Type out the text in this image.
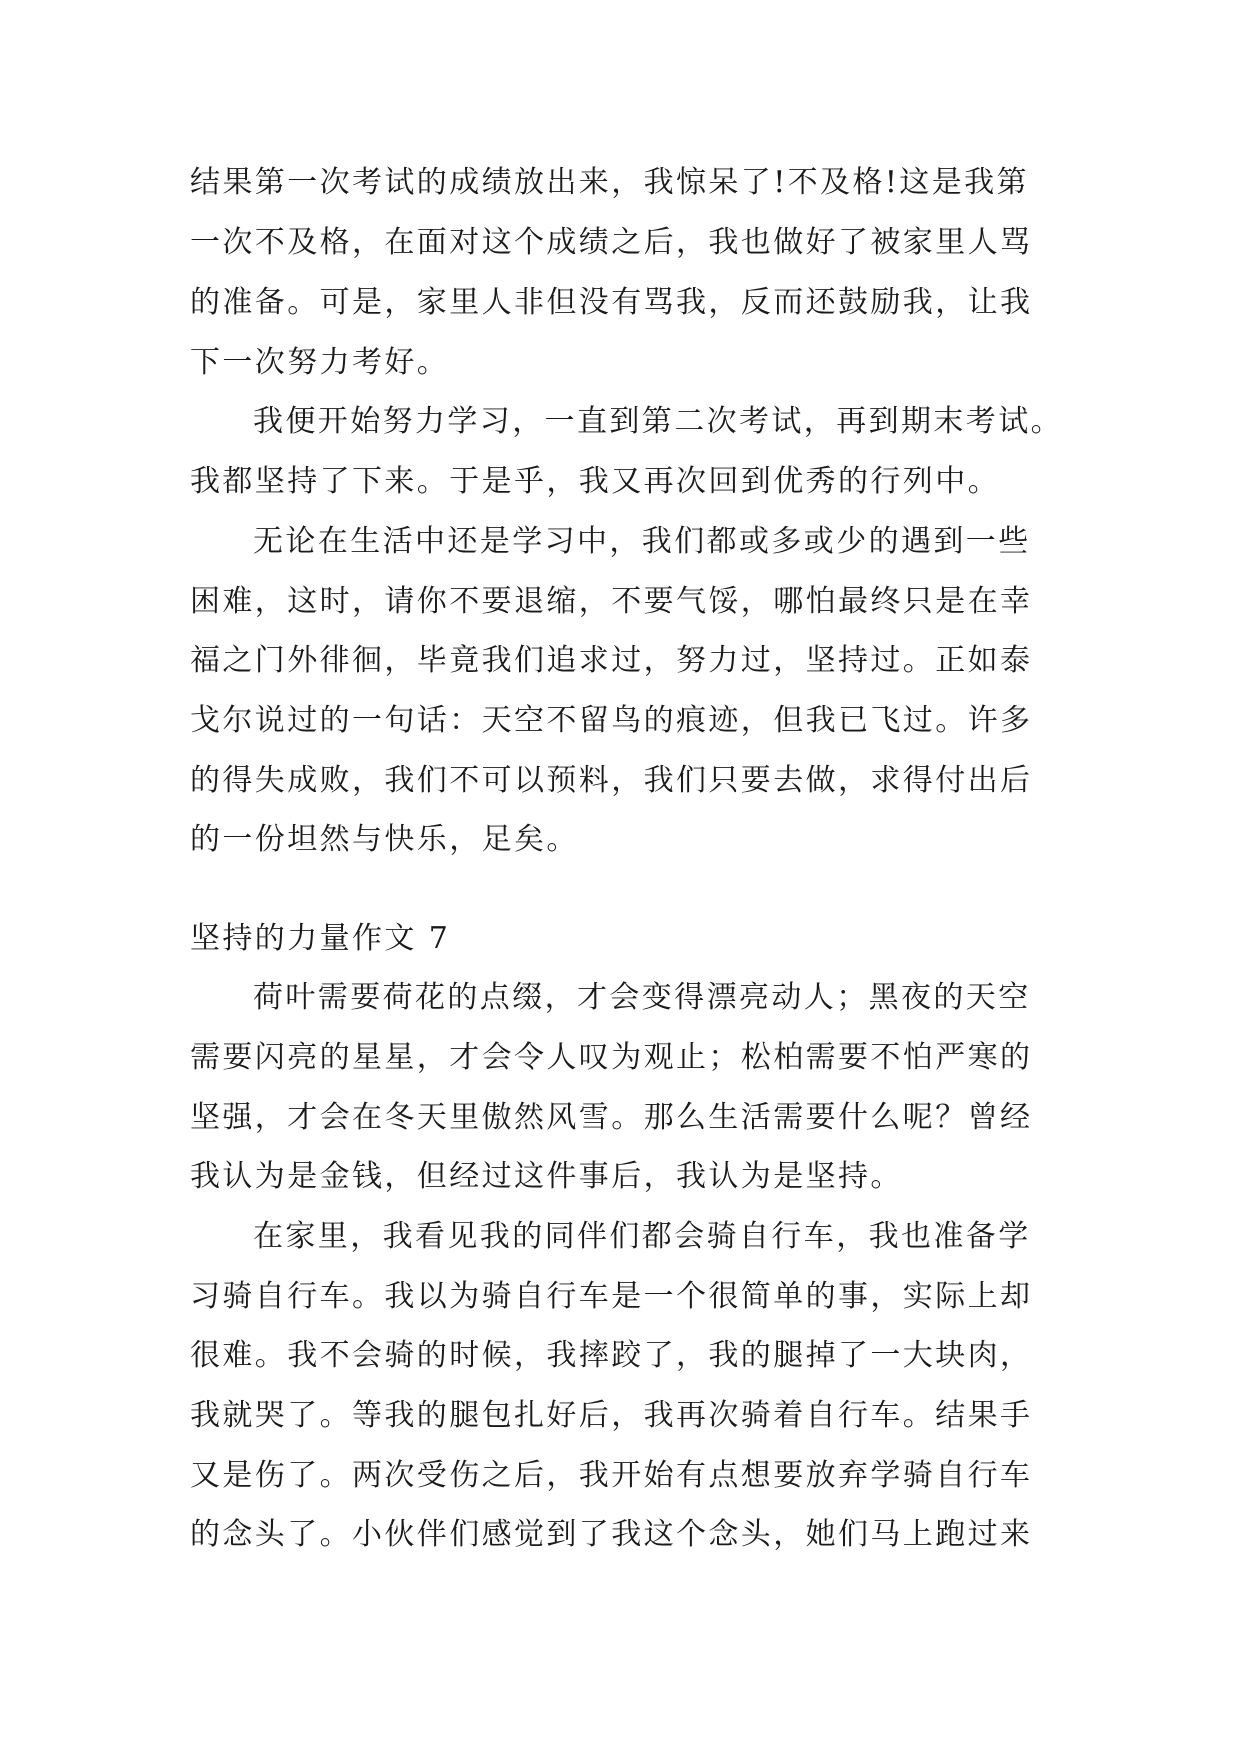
结果第一次考试的成绩放出来，我惊呆了!不及格!这是我第
一次不及格，在面对这个成绩之后，我也做好了被家里人骂
的准备。可是，家里人非但没有骂我，反而还鼓励我，让我
下一次努力考好。
我便开始努力学习，一直到第二次考试，再到期末考试。
我都坚持了下来。于是乎，我又再次回到优秀的行列中。
无论在生活中还是学习中，我们都或多或少的遇到一些
困难，这时，请你不要退缩，不要气馁，哪怕最终只是在幸
福之门外徘徊，毕竟我们追求过，努力过，坚持过。正如泰
戈尔说过的一句话：天空不留鸟的痕迹，但我已飞过。许多
的得失成败，我们不可以预料，我们只要去做，求得付出后
的一份坦然与快乐，足矣。
坚持的力量作文 7
荷叶需要荷花的点缀，才会变得漂亮动人；黑夜的天空
需要闪亮的星星，才会令人叹为观止；松柏需要不怕严寒的
坚强，才会在冬天里傲然风雪。那么生活需要什么呢？曾经
我认为是金钱，但经过这件事后，我认为是坚持。
在家里，我看见我的同伴们都会骑自行车，我也准备学
习骑自行车。我以为骑自行车是一个很简单的事，实际上却
很难。我不会骑的时候，我摔跤了，我的腿掉了一大块肉，
我就哭了。等我的腿包扎好后，我再次骑着自行车。结果手
又是伤了。两次受伤之后，我开始有点想要放弃学骑自行车
的念头了。小伙伴们感觉到了我这个念头，她们马上跑过来
